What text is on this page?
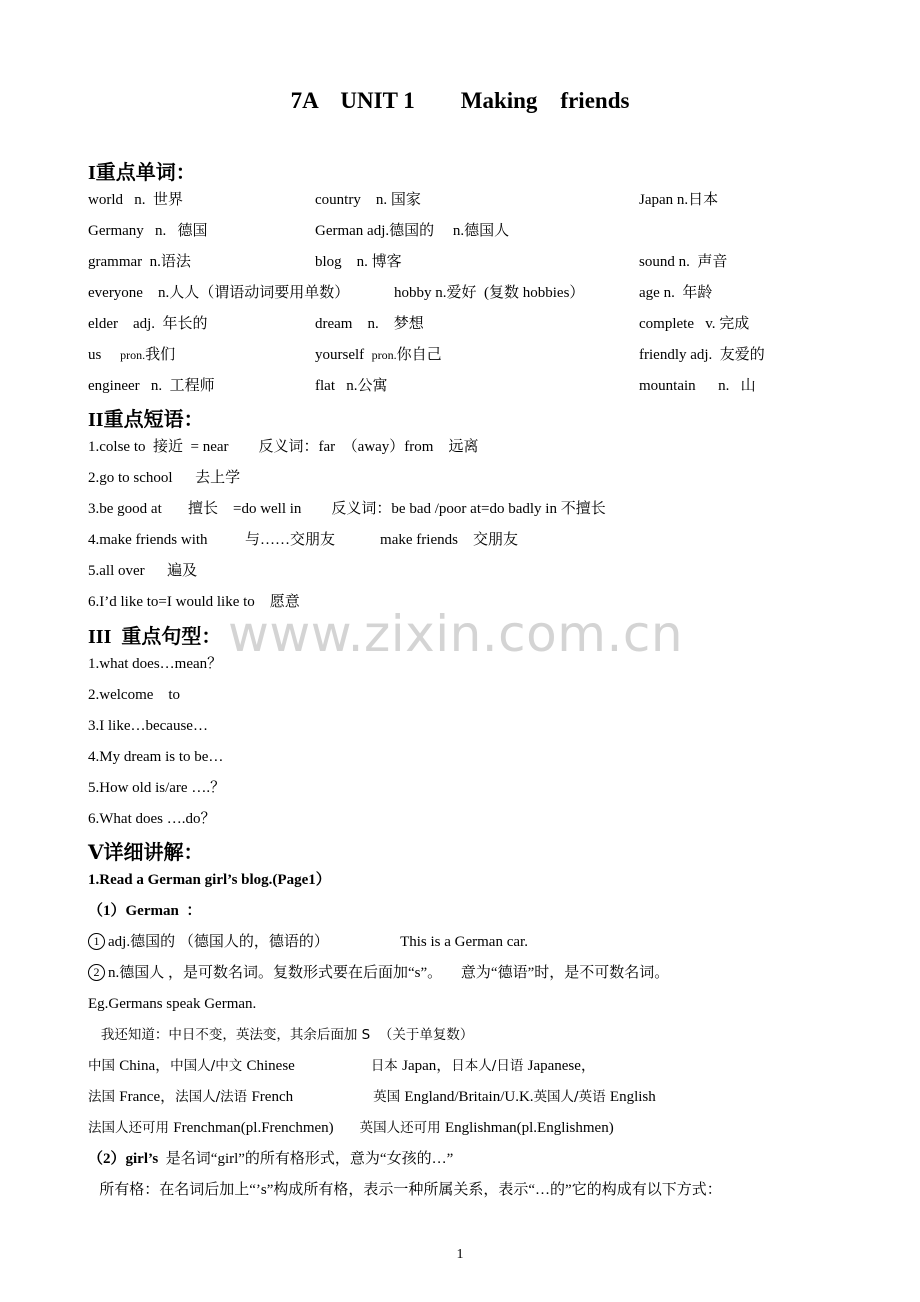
7A    UNIT 1        Making    friends
I重点单词：
world   n.  世界	country    n. 国家	Japan n.日本
Germany   n.   德国	German adj.德国的     n.德国人
grammar  n.语法	blog    n. 博客	sound n.  声音
everyone    n.人人（谓语动词要用单数）	hobby n.爱好  (复数 hobbies）	age n.  年龄
elder    adj.  年长的	dream    n.    梦想	complete   v. 完成
us pron.我们	yourself pron.你自己	friendly adj.  友爱的
engineer   n.  工程师	flat   n.公寓	mountain      n.   山
II重点短语：
1.colse to  接近  = near        反义词：far  （away）from    远离
2.go to school      去上学
3.be good at       擅长    =do well in        反义词：be bad /poor at=do badly in 不擅长
4.make friends with          与……交朋友            make friends    交朋友
5.all over      遍及
6.I’d like to=I would like to    愿意
www.zixin.com.cn
III  重点句型：
1.what does…mean？
2.welcome    to
3.I like…because…
4.My dream is to be…
5.How old is/are ….？
6.What does ….do？
Ⅴ详细讲解：
1.Read a German girl’s blog.(Page1）
（1）German  ：
1 adj.德国的 （德国人的，德语的）                   This is a German car.
2 n.德国人 ，是可数名词。复数形式要在后面加“s”。     意为“德语”时，是不可数名词。
Eg.Germans speak German.
我还知道：中日不变，英法变，其余后面加 S  （关于单复数）
中国 China，中国人/中文 Chinese	日本 Japan，日本人/日语 Japanese，
法国 France，法国人/法语 French	英国 England/Britain/U.K.英国人/英语 English
法国人还可用 Frenchman(pl.Frenchmen) 英国人还可用 Englishman(pl.Englishmen)
（2）girl’s  是名词“girl”的所有格形式，意为“女孩的…”
所有格：在名词后加上“’s”构成所有格，表示一种所属关系，表示“…的”它的构成有以下方式：
1
